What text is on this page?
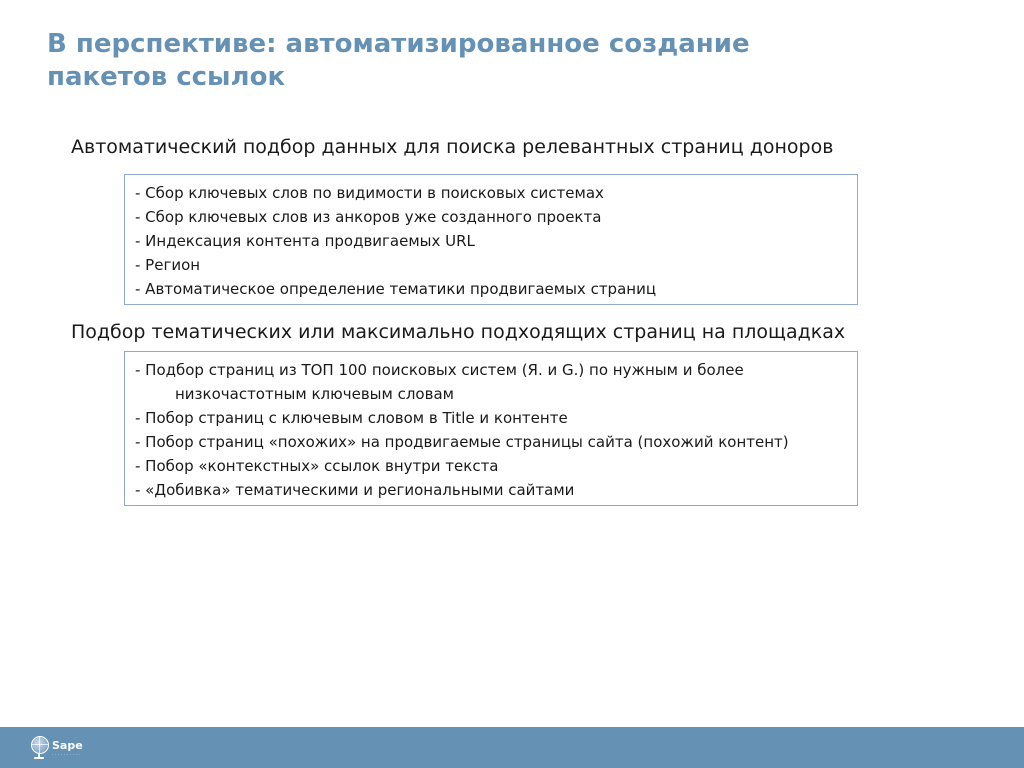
В перспективе: автоматизированное создание
пакетов ссылок
Автоматический подбор данных для поиска релевантных страниц доноров
- Сбор ключевых слов по видимости в поисковых системах
- Сбор ключевых слов из анкоров уже созданного проекта
- Индексация контента продвигаемых URL
- Регион
- Автоматическое определение тематики продвигаемых страниц
Подбор тематических или максимально подходящих страниц на площадках
- Подбор страниц из ТОП 100 поисковых систем (Я. и G.) по нужным и более
низкочастотным ключевым словам
- Побор страниц с ключевым словом в Title и контенте
- Побор страниц «похожих» на продвигаемые страницы сайта (похожий контент)
- Побор «контекстных» ссылок внутри текста
- «Добивка» тематическими и региональными сайтами
Sape
· · · · · · · · · ·
